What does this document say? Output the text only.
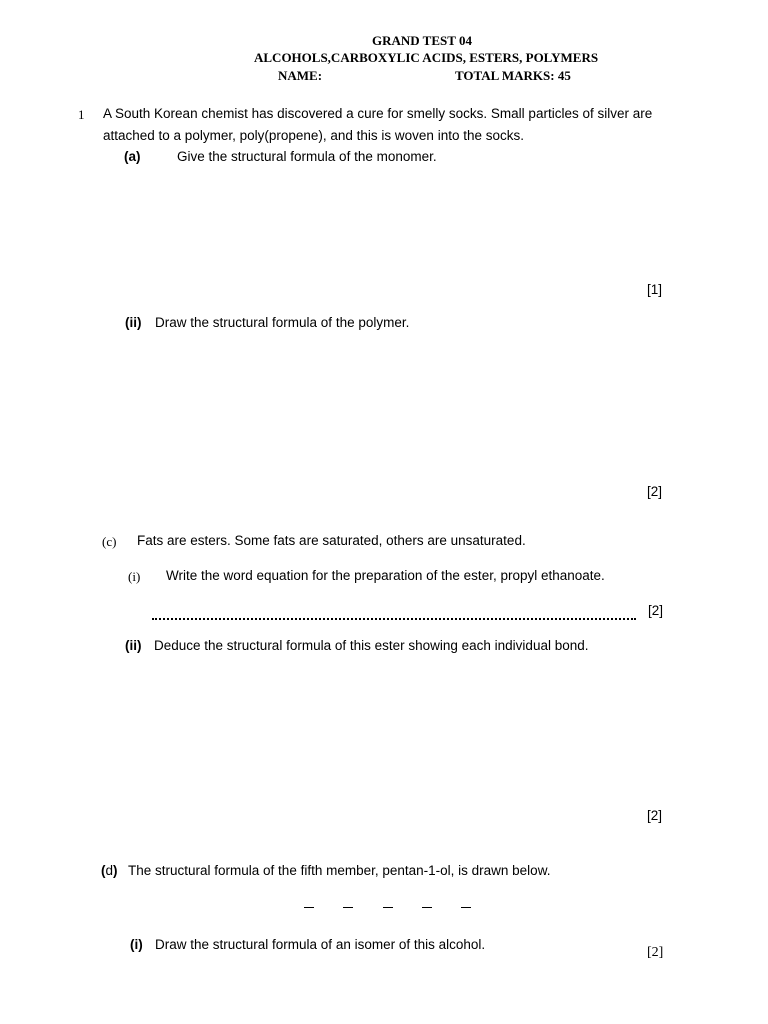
GRAND TEST 04
ALCOHOLS,CARBOXYLIC ACIDS, ESTERS, POLYMERS
NAME:	TOTAL MARKS: 45
1 A South Korean chemist has discovered a cure for smelly socks. Small particles of silver are
attached to a polymer, poly(propene), and this is woven into the socks.
(a)	Give the structural formula of the monomer.
[1]
(ii) Draw the structural formula of the polymer.
[2]
(c) Fats are esters. Some fats are saturated, others are unsaturated.
(i) Write the word equation for the preparation of the ester, propyl ethanoate.
[2]
(ii) Deduce the structural formula of this ester showing each individual bond.
[2]
(d) The structural formula of the fifth member, pentan-1-ol, is drawn below.
(i) Draw the structural formula of an isomer of this alcohol.
[2]
